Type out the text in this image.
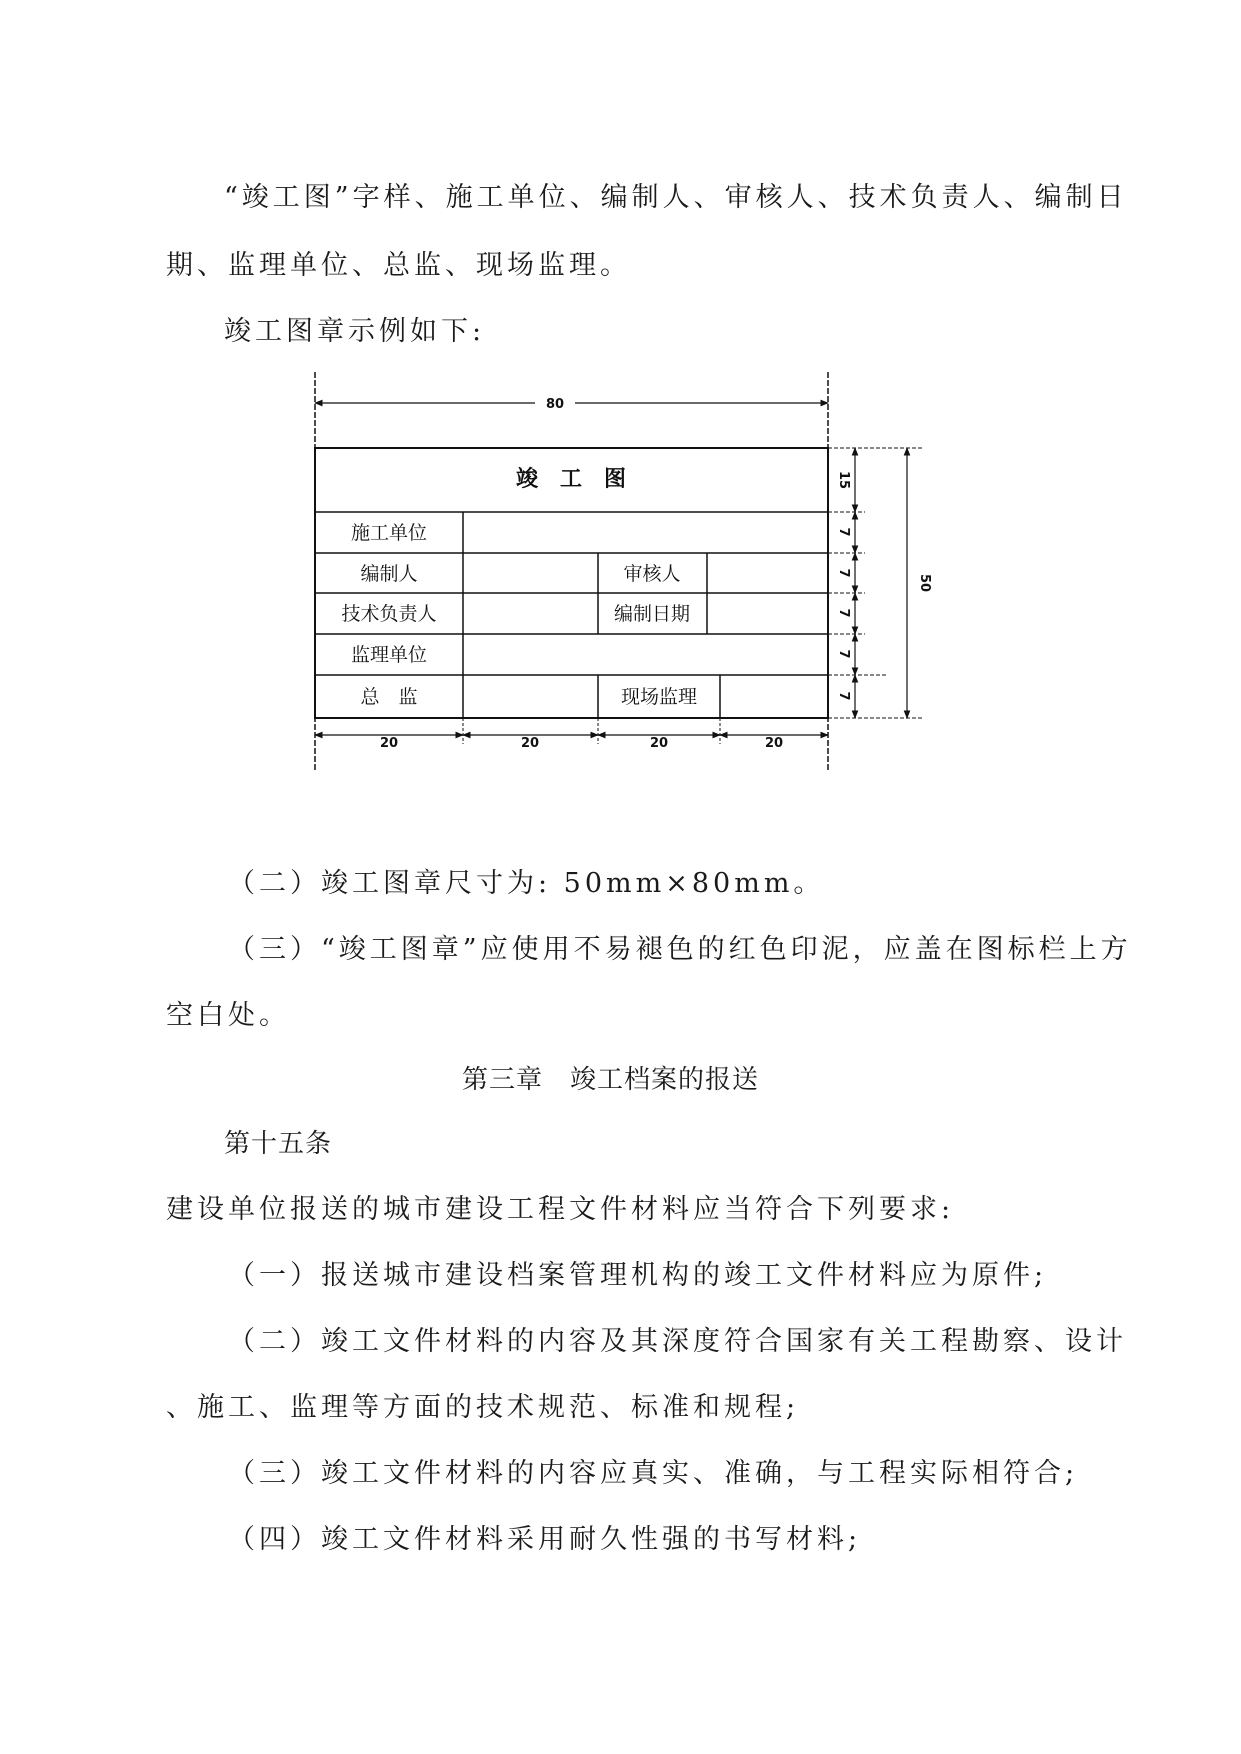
“竣工图”字样、施工单位、编制人、审核人、技术负责人、编制日
期、监理单位、总监、现场监理。
竣工图章示例如下:
竣　工　图
施工单位
编制人	审核人
技术负责人	编制日期
监理单位
总　监	现场监理
80
20	20	20	20
15
7
7
7
7
7
50
（二）竣工图章尺寸为: 50mm×80mm。
（三）“竣工图章”应使用不易褪色的红色印泥，应盖在图标栏上方
空白处。
第三章　竣工档案的报送
第十五条
建设单位报送的城市建设工程文件材料应当符合下列要求:
（一）报送城市建设档案管理机构的竣工文件材料应为原件;
（二）竣工文件材料的内容及其深度符合国家有关工程勘察、设计
、施工、监理等方面的技术规范、标准和规程;
（三）竣工文件材料的内容应真实、准确，与工程实际相符合;
（四）竣工文件材料采用耐久性强的书写材料;
